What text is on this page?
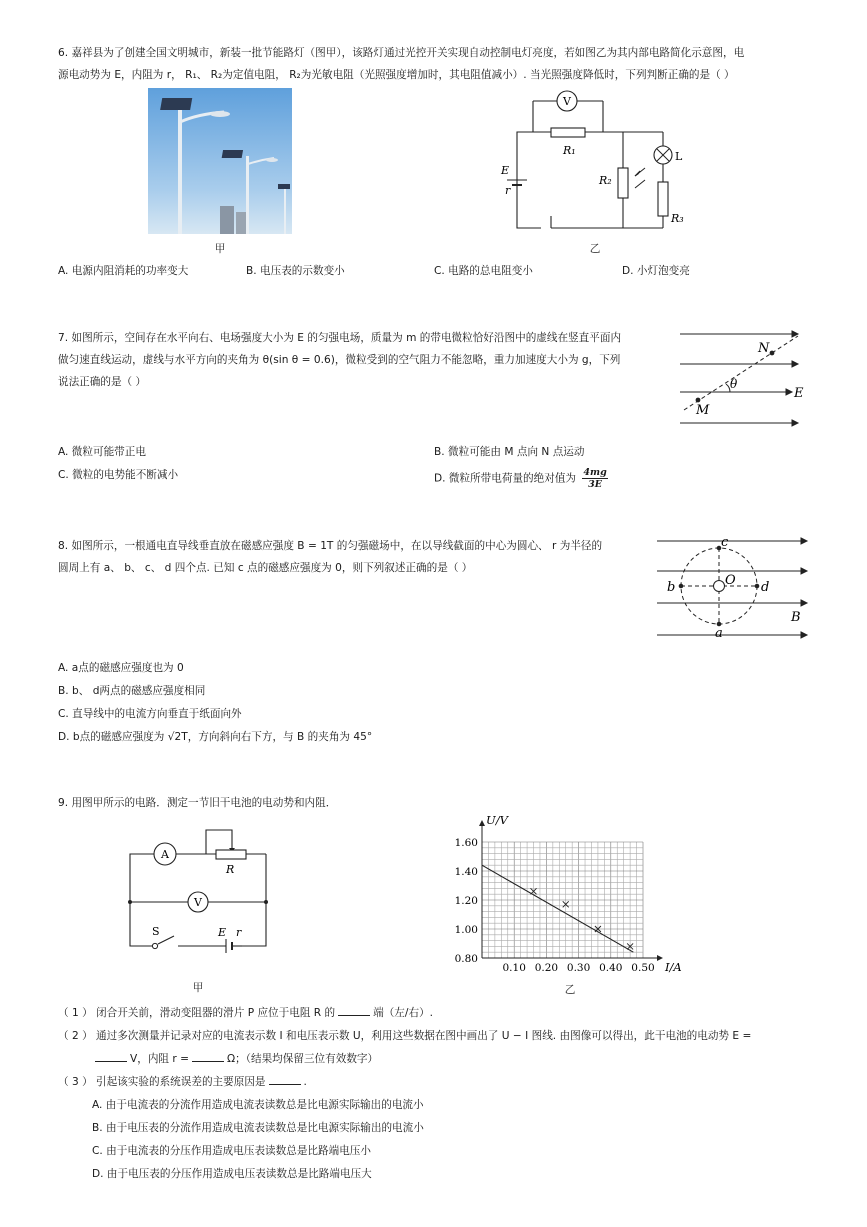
6. 嘉祥县为了创建全国文明城市，新装一批节能路灯（图甲），该路灯通过光控开关实现自动控制电灯亮度，若如图乙为其内部电路简化示意图，电
源电动势为 E，内阻为 r， R₁、 R₂为定值电阻， R₂为光敏电阻（光照强度增加时，其电阻值减小）. 当光照强度降低时，下列判断正确的是（ ）
甲
V
R₁
E
r
R₂
L
R₃
乙
A. 电源内阻消耗的功率变大	B. 电压表的示数变小	C. 电路的总电阻变小	D. 小灯泡变亮
7. 如图所示，空间存在水平向右、电场强度大小为 E 的匀强电场，质量为 m 的带电微粒恰好沿图中的虚线在竖直平面内
做匀速直线运动，虚线与水平方向的夹角为 θ(sin θ = 0.6)，微粒受到的空气阻力不能忽略，重力加速度大小为 g，下列
说法正确的是（ ）
N
M
θ
E
A. 微粒可能带正电	B. 微粒可能由 M 点向 N 点运动
C. 微粒的电势能不断减小	D. 微粒所带电荷量的绝对值为 $\frac{4mg}{3E}$
8. 如图所示，一根通电直导线垂直放在磁感应强度 B = 1T 的匀强磁场中，在以导线截面的中心为圆心、 r 为半径的
圆周上有 a、 b、 c、 d 四个点. 已知 c 点的磁感应强度为 0，则下列叙述正确的是（ ）
c
O
b	d
a
B
A. a点的磁感应强度也为 0
B. b、 d两点的磁感应强度相同
C. 直导线中的电流方向垂直于纸面向外
D. b点的磁感应强度为 √2T，方向斜向右下方，与 B 的夹角为 45°
9. 用图甲所示的电路．测定一节旧干电池的电动势和内阻．
A
R
V
S	E r
甲
0.10 0.20 0.30 0.40 0.50
0.80
1.00
1.20
1.40
1.60
I/A
U/V
乙
（ 1 ） 闭合开关前，滑动变阻器的滑片 P 应位于电阻 R 的	端（左/右）.
（ 2 ） 通过多次测量并记录对应的电流表示数 I 和电压表示数 U，利用这些数据在图中画出了 U − I 图线. 由图像可以得出，此干电池的电动势 E =
V，内阻 r =	Ω；（结果均保留三位有效数字）
（ 3 ） 引起该实验的系统误差的主要原因是	.
A. 由于电流表的分流作用造成电流表读数总是比电源实际输出的电流小
B. 由于电压表的分流作用造成电流表读数总是比电源实际输出的电流小
C. 由于电流表的分压作用造成电压表读数总是比路端电压小
D. 由于电压表的分压作用造成电压表读数总是比路端电压大
